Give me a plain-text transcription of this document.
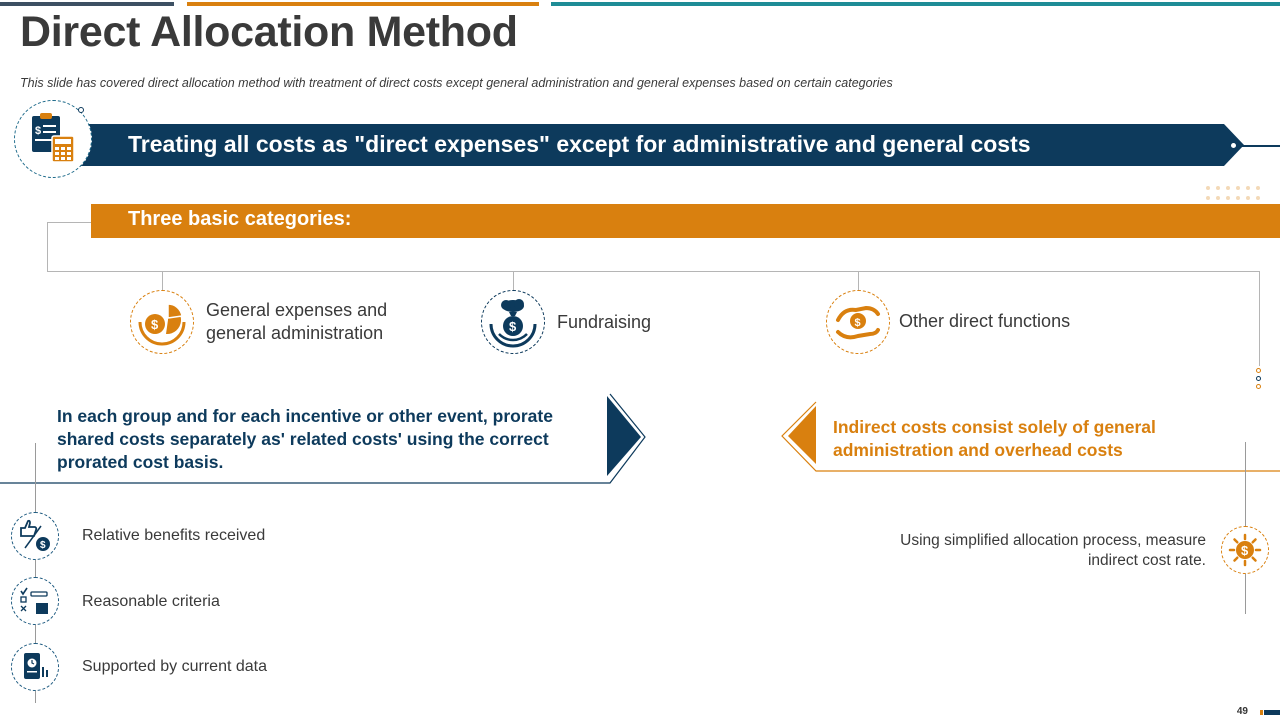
Direct Allocation Method
This slide has covered direct allocation method with treatment of direct costs except general administration and general expenses based on certain categories
Treating all costs as "direct expenses" except for administrative and general costs
$
Three basic categories:
$
General expenses and
general administration	$ Fundraising	$ Other direct functions
In each group and for each incentive or other event, prorate shared costs separately as' related costs' using the correct prorated cost basis.
Indirect costs consist solely of general administration and overhead costs
$
Relative benefits received
Reasonable criteria
Supported by current data
$
Using simplified allocation process, measure indirect cost rate.
49
